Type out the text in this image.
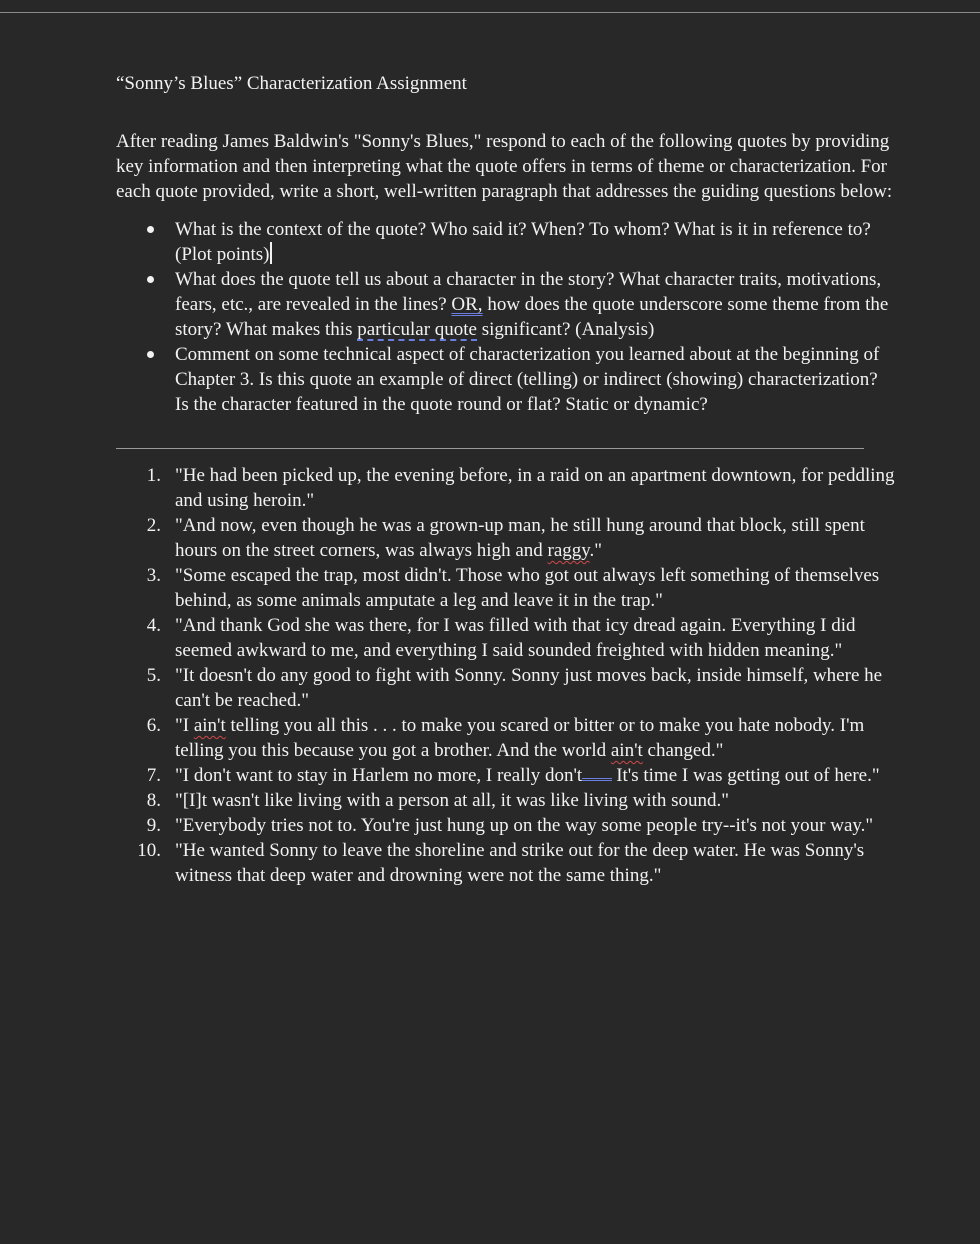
“Sonny’s Blues” Characterization Assignment

After reading James Baldwin's "Sonny's Blues," respond to each of the following quotes by providing key information and then interpreting what the quote offers in terms of theme or characterization. For each quote provided, write a short, well-written paragraph that addresses the guiding questions below:

What is the context of the quote? Who said it? When? To whom? What is it in reference to? (Plot points)
What does the quote tell us about a character in the story? What character traits, motivations, fears, etc., are revealed in the lines? OR, how does the quote underscore some theme from the story? What makes this particular quote significant? (Analysis)
Comment on some technical aspect of characterization you learned about at the beginning of Chapter 3. Is this quote an example of direct (telling) or indirect (showing) characterization? Is the character featured in the quote round or flat? Static or dynamic?
1. "He had been picked up, the evening before, in a raid on an apartment downtown, for peddling and using heroin."
2. "And now, even though he was a grown-up man, he still hung around that block, still spent hours on the street corners, was always high and raggy."
3. "Some escaped the trap, most didn't. Those who got out always left something of themselves behind, as some animals amputate a leg and leave it in the trap."
4. "And thank God she was there, for I was filled with that icy dread again. Everything I did seemed awkward to me, and everything I said sounded freighted with hidden meaning."
5. "It doesn't do any good to fight with Sonny. Sonny just moves back, inside himself, where he can't be reached."
6. "I ain't telling you all this . . . to make you scared or bitter or to make you hate nobody. I'm telling you this because you got a brother. And the world ain't changed."
7. "I don't want to stay in Harlem no more, I really don't It's time I was getting out of here."
8. "[I]t wasn't like living with a person at all, it was like living with sound."
9. "Everybody tries not to. You're just hung up on the way some people try--it's not your way."
10. "He wanted Sonny to leave the shoreline and strike out for the deep water. He was Sonny's witness that deep water and drowning were not the same thing."
